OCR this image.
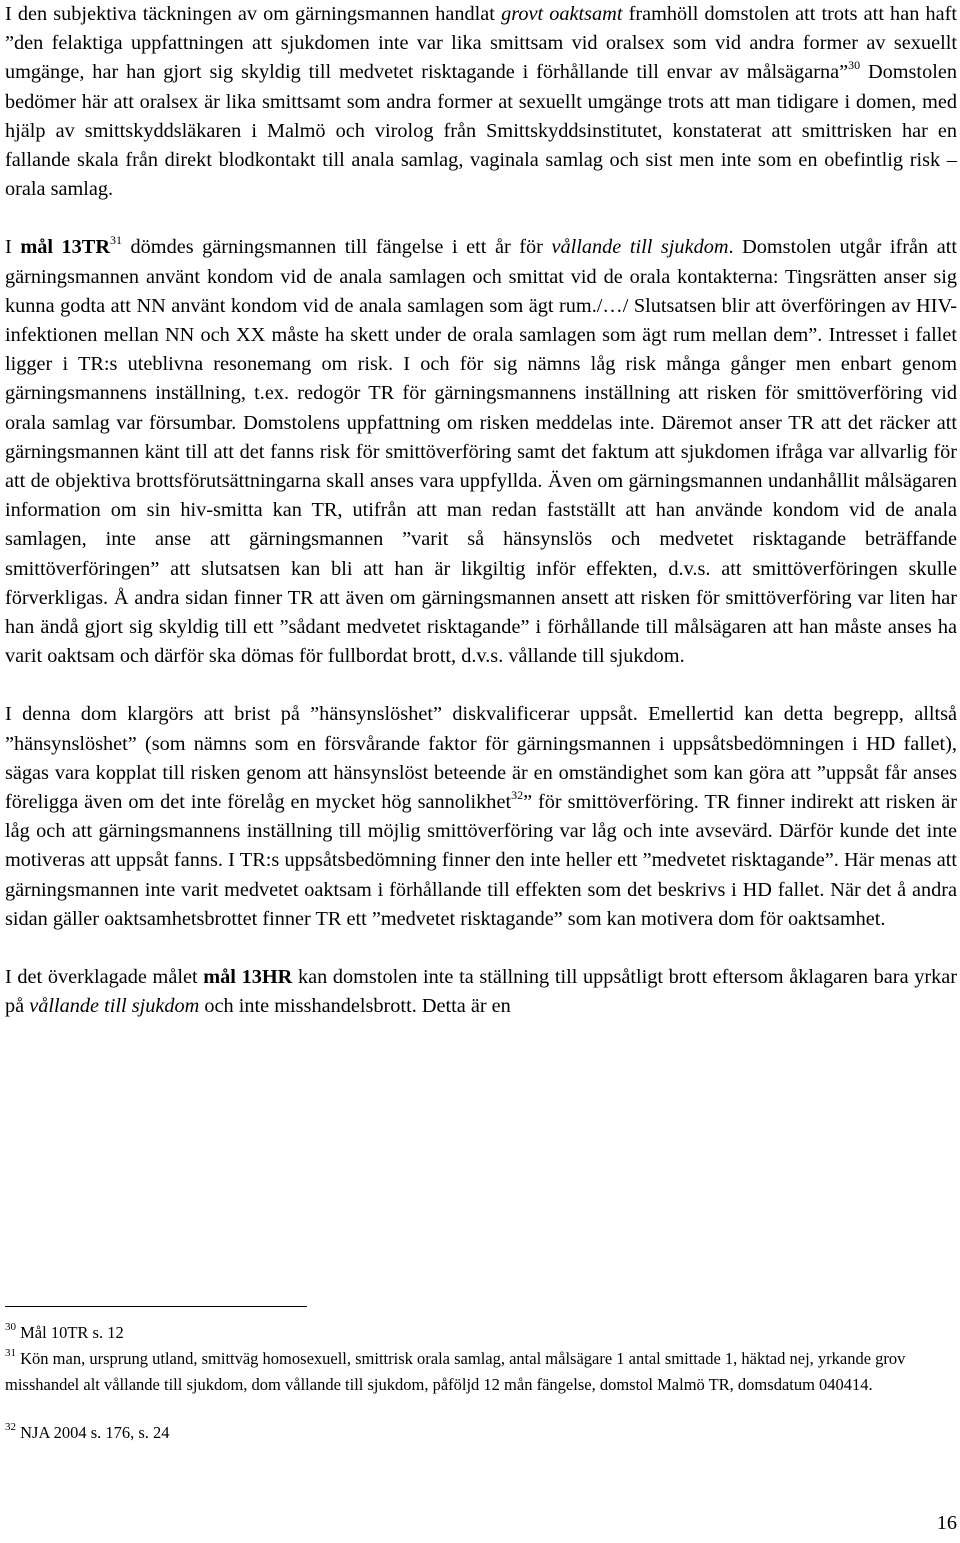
I den subjektiva täckningen av om gärningsmannen handlat grovt oaktsamt framhöll domstolen att trots att han haft ”den felaktiga uppfattningen att sjukdomen inte var lika smittsam vid oralsex som vid andra former av sexuellt umgänge, har han gjort sig skyldig till medvetet risktagande i förhållande till envar av målsägarna”$^{30}$ Domstolen bedömer här att oralsex är lika smittsamt som andra former at sexuellt umgänge trots att man tidigare i domen, med hjälp av smittskyddsläkaren i Malmö och virolog från Smittskyddsinstitutet, konstaterat att smittrisken har en fallande skala från direkt blodkontakt till anala samlag, vaginala samlag och sist men inte som en obefintlig risk – orala samlag.

I mål 13TR$^{31}$ dömdes gärningsmannen till fängelse i ett år för vållande till sjukdom. Domstolen utgår ifrån att gärningsmannen använt kondom vid de anala samlagen och smittat vid de orala kontakterna: Tingsrätten anser sig kunna godta att NN använt kondom vid de anala samlagen som ägt rum./…/ Slutsatsen blir att överföringen av HIV-infektionen mellan NN och XX måste ha skett under de orala samlagen som ägt rum mellan dem”. Intresset i fallet ligger i TR:s uteblivna resonemang om risk. I och för sig nämns låg risk många gånger men enbart genom gärningsmannens inställning, t.ex. redogör TR för gärningsmannens inställning att risken för smittöverföring vid orala samlag var försumbar. Domstolens uppfattning om risken meddelas inte. Däremot anser TR att det räcker att gärningsmannen känt till att det fanns risk för smittöverföring samt det faktum att sjukdomen ifråga var allvarlig för att de objektiva brottsförutsättningarna skall anses vara uppfyllda. Även om gärningsmannen undanhållit målsägaren information om sin hiv-smitta kan TR, utifrån att man redan fastställt att han använde kondom vid de anala samlagen, inte anse att gärningsmannen ”varit så hänsynslös och medvetet risktagande beträffande smittöverföringen” att slutsatsen kan bli att han är likgiltig inför effekten, d.v.s. att smittöverföringen skulle förverkligas. Å andra sidan finner TR att även om gärningsmannen ansett att risken för smittöverföring var liten har han ändå gjort sig skyldig till ett ”sådant medvetet risktagande” i förhållande till målsägaren att han måste anses ha varit oaktsam och därför ska dömas för fullbordat brott, d.v.s. vållande till sjukdom.

I denna dom klargörs att brist på ”hänsynslöshet” diskvalificerar uppsåt. Emellertid kan detta begrepp, alltså ”hänsynslöshet” (som nämns som en försvårande faktor för gärningsmannen i uppsåtsbedömningen i HD fallet), sägas vara kopplat till risken genom att hänsynslöst beteende är en omständighet som kan göra att ”uppsåt får anses föreligga även om det inte förelåg en mycket hög sannolikhet$^{32}$” för smittöverföring. TR finner indirekt att risken är låg och att gärningsmannens inställning till möjlig smittöverföring var låg och inte avsevärd. Därför kunde det inte motiveras att uppsåt fanns. I TR:s uppsåtsbedömning finner den inte heller ett ”medvetet risktagande”. Här menas att gärningsmannen inte varit medvetet oaktsam i förhållande till effekten som det beskrivs i HD fallet. När det å andra sidan gäller oaktsamhetsbrottet finner TR ett ”medvetet risktagande” som kan motivera dom för oaktsamhet.

I det överklagade målet mål 13HR kan domstolen inte ta ställning till uppsåtligt brott eftersom åklagaren bara yrkar på vållande till sjukdom och inte misshandelsbrott. Detta är en

$^{30}$ Mål 10TR s. 12

$^{31}$ Kön man, ursprung utland, smittväg homosexuell, smittrisk orala samlag, antal målsägare 1 antal smittade 1, häktad nej, yrkande grov misshandel alt vållande till sjukdom, dom vållande till sjukdom, påföljd 12 mån fängelse, domstol Malmö TR, domsdatum 040414.

$^{32}$ NJA 2004 s. 176, s. 24

16
